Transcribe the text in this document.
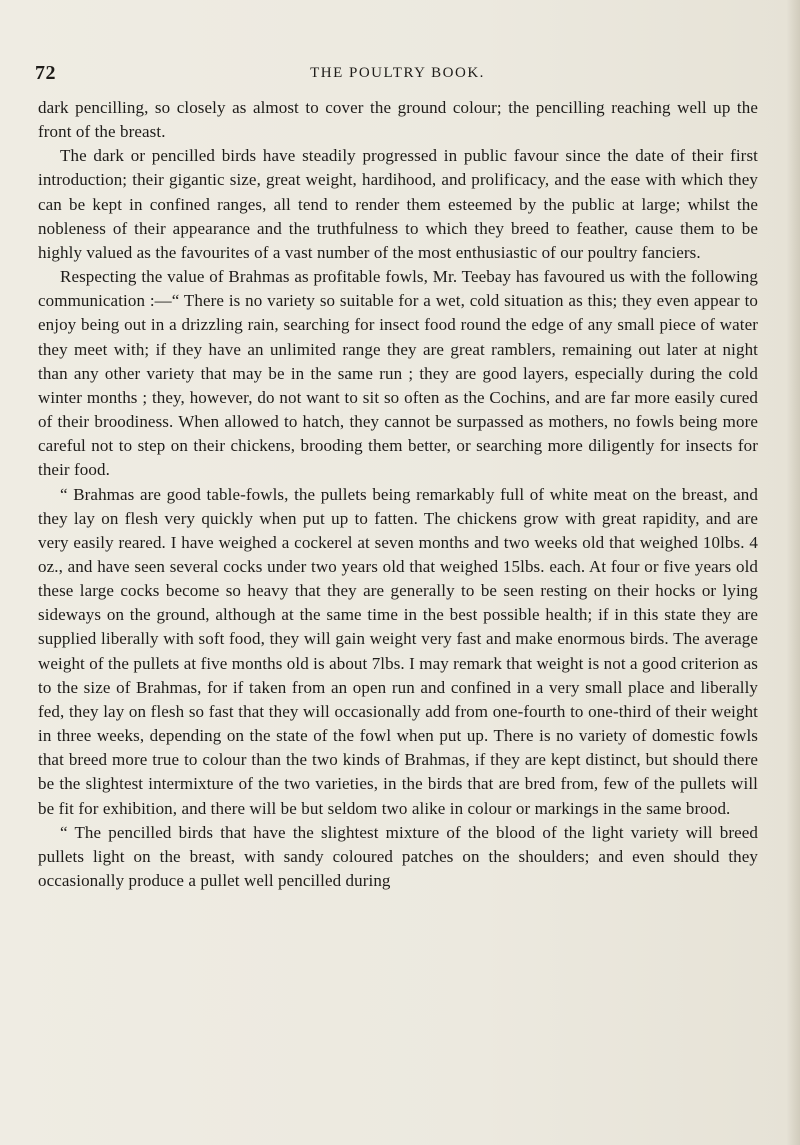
72	THE POULTRY BOOK.

dark pencilling, so closely as almost to cover the ground colour; the pencilling reaching well up the front of the breast.

The dark or pencilled birds have steadily progressed in public favour since the date of their first introduction; their gigantic size, great weight, hardihood, and prolificacy, and the ease with which they can be kept in confined ranges, all tend to render them esteemed by the public at large; whilst the nobleness of their appearance and the truthfulness to which they breed to feather, cause them to be highly valued as the favourites of a vast number of the most enthusiastic of our poultry fanciers.

Respecting the value of Brahmas as profitable fowls, Mr. Teebay has favoured us with the following communication :—“ There is no variety so suitable for a wet, cold situation as this; they even appear to enjoy being out in a drizzling rain, searching for insect food round the edge of any small piece of water they meet with; if they have an unlimited range they are great ramblers, remaining out later at night than any other variety that may be in the same run ; they are good layers, especially during the cold winter months ; they, however, do not want to sit so often as the Cochins, and are far more easily cured of their broodiness. When allowed to hatch, they cannot be surpassed as mothers, no fowls being more careful not to step on their chickens, brooding them better, or searching more diligently for insects for their food.

“ Brahmas are good table-fowls, the pullets being remarkably full of white meat on the breast, and they lay on flesh very quickly when put up to fatten. The chickens grow with great rapidity, and are very easily reared. I have weighed a cockerel at seven months and two weeks old that weighed 10lbs. 4 oz., and have seen several cocks under two years old that weighed 15lbs. each. At four or five years old these large cocks become so heavy that they are generally to be seen resting on their hocks or lying sideways on the ground, although at the same time in the best possible health; if in this state they are supplied liberally with soft food, they will gain weight very fast and make enormous birds. The average weight of the pullets at five months old is about 7lbs. I may remark that weight is not a good criterion as to the size of Brahmas, for if taken from an open run and confined in a very small place and liberally fed, they lay on flesh so fast that they will occasionally add from one-fourth to one-third of their weight in three weeks, depending on the state of the fowl when put up. There is no variety of domestic fowls that breed more true to colour than the two kinds of Brahmas, if they are kept distinct, but should there be the slightest intermixture of the two varieties, in the birds that are bred from, few of the pullets will be fit for exhibition, and there will be but seldom two alike in colour or markings in the same brood.

“ The pencilled birds that have the slightest mixture of the blood of the light variety will breed pullets light on the breast, with sandy coloured patches on the shoulders; and even should they occasionally produce a pullet well pencilled during
